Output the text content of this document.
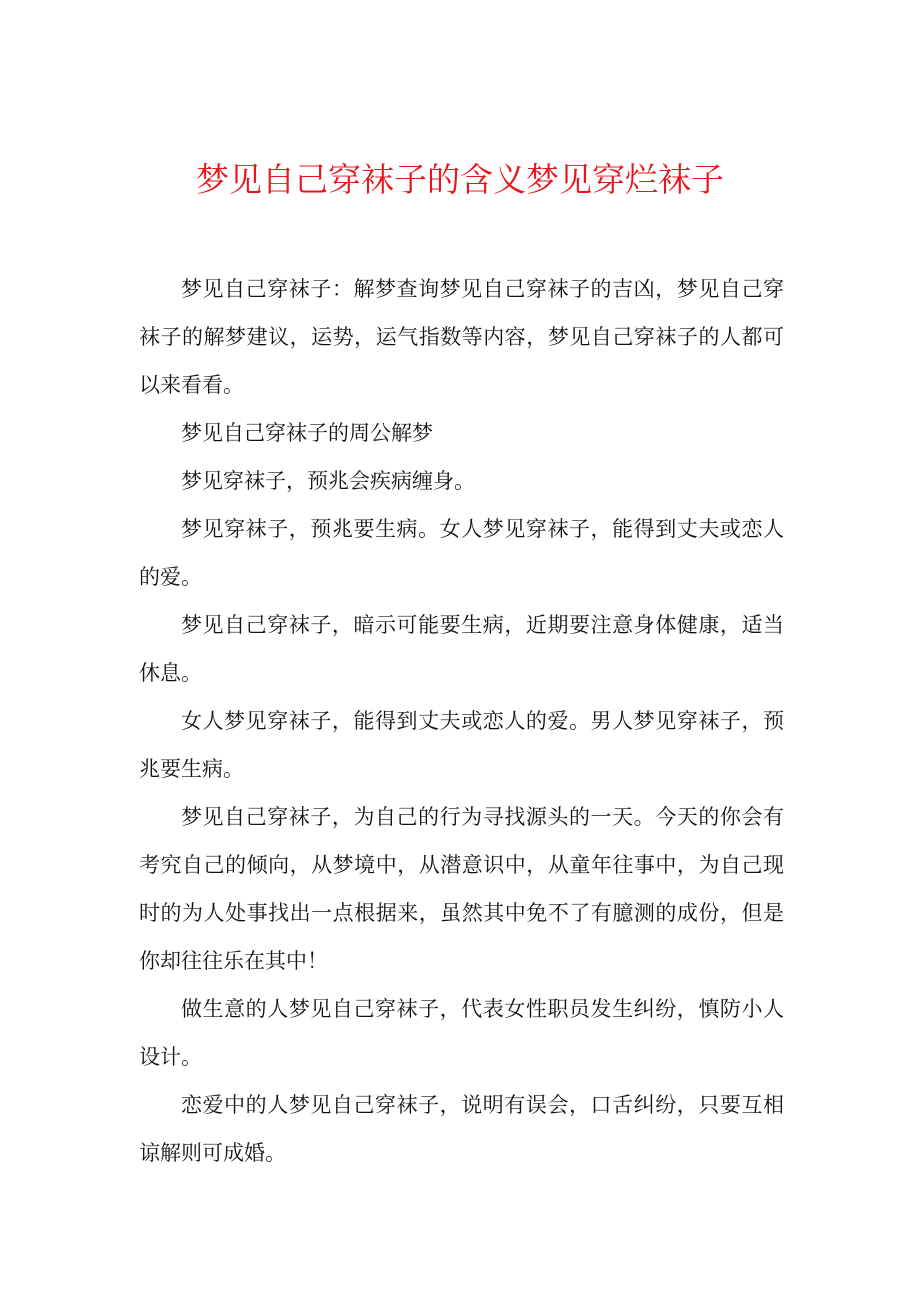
梦见自己穿袜子的含义梦见穿烂袜子

梦见自己穿袜子：解梦查询梦见自己穿袜子的吉凶，梦见自己穿袜子的解梦建议，运势，运气指数等内容，梦见自己穿袜子的人都可以来看看。

梦见自己穿袜子的周公解梦

梦见穿袜子，预兆会疾病缠身。

梦见穿袜子，预兆要生病。女人梦见穿袜子，能得到丈夫或恋人的爱。

梦见自己穿袜子，暗示可能要生病，近期要注意身体健康，适当休息。

女人梦见穿袜子，能得到丈夫或恋人的爱。男人梦见穿袜子，预兆要生病。

梦见自己穿袜子，为自己的行为寻找源头的一天。今天的你会有考究自己的倾向，从梦境中，从潜意识中，从童年往事中，为自己现时的为人处事找出一点根据来，虽然其中免不了有臆测的成份，但是你却往往乐在其中！

做生意的人梦见自己穿袜子，代表女性职员发生纠纷，慎防小人设计。

恋爱中的人梦见自己穿袜子，说明有误会，口舌纠纷，只要互相谅解则可成婚。
